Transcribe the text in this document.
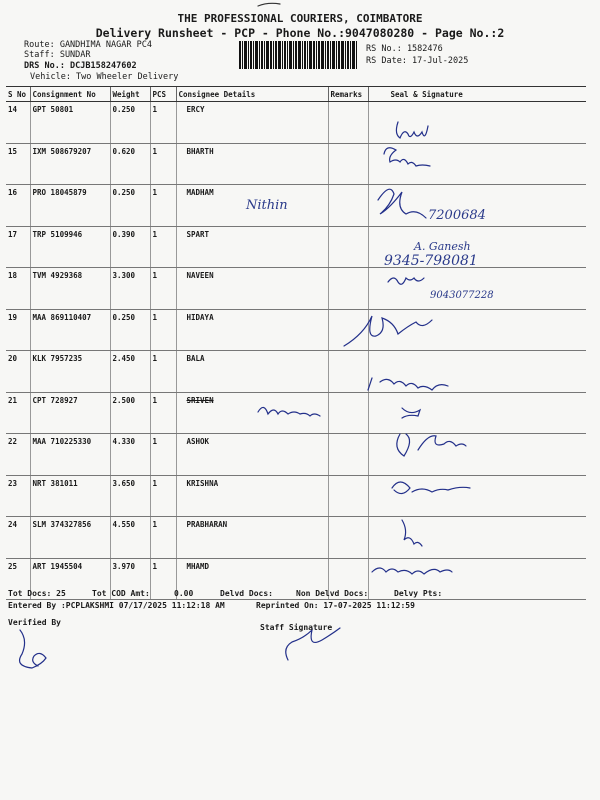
THE PROFESSIONAL COURIERS, COIMBATORE
Delivery Runsheet - PCP - Phone No.:9047080280 - Page No.:2
Route: GANDHIMA NAGAR PC4
Staff: SUNDAR
DRS No.: DCJB158247602
Vehicle: Two Wheeler Delivery
RS No.: 1582476
RS Date: 17-Jul-2025
S No	Consignment No	Weight	PCS	Consignee Details	Remarks	Seal & Signature
14	GPT 50801	0.250	1	ERCY		
15	IXM 508679207	0.620	1	BHARTH		
16	PRO 18045879	0.250	1	MADHAM		
17	TRP 5109946	0.390	1	SPART		
18	TVM 4929368	3.300	1	NAVEEN		
19	MAA 869110407	0.250	1	HIDAYA		
20	KLK 7957235	2.450	1	BALA		
21	CPT 728927	2.500	1	SRIVEN		
22	MAA 710225330	4.330	1	ASHOK		
23	NRT 381011	3.650	1	KRISHNA		
24	SLM 374327856	4.550	1	PRABHARAN		
25	ART 1945504	3.970	1	MHAMD		
Nithin
7200684
A. Ganesh
9345-798081
9043077228
Tot Docs: 25	Tot COD Amt:	0.00	Delvd Docs:	Non Delvd Docs:	Delvy Pts:
Entered By :PCPLAKSHMI 07/17/2025 11:12:18 AM	Reprinted On: 17-07-2025 11:12:59
Verified By
Staff Signature
